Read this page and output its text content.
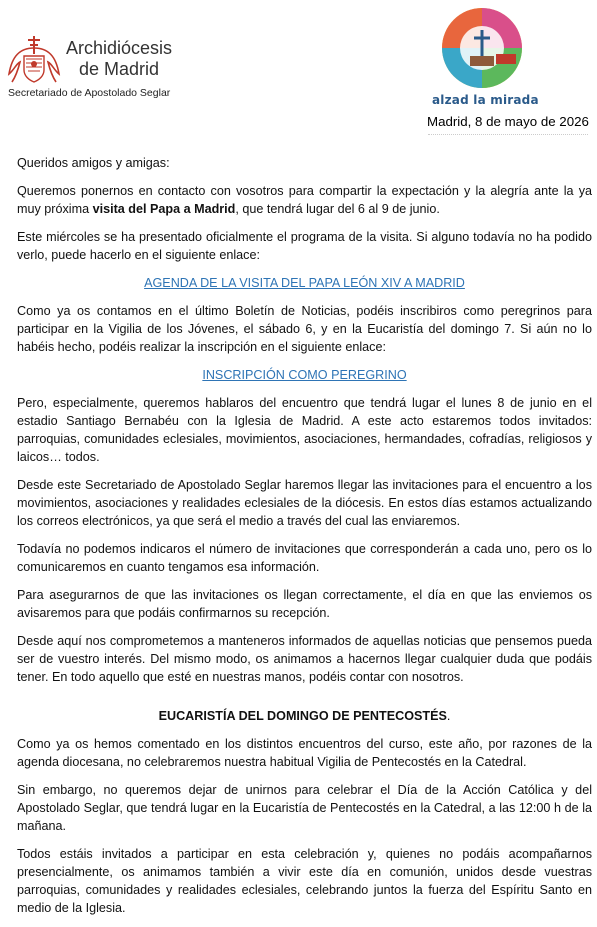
Archidiócesis
de Madrid
Secretariado de Apostolado Seglar	alzad la mirada
Madrid, 8 de mayo de 2026

Queridos amigos y amigas:

Queremos ponernos en contacto con vosotros para compartir la expectación y la alegría ante la ya muy próxima visita del Papa a Madrid, que tendrá lugar del 6 al 9 de junio.

Este miércoles se ha presentado oficialmente el programa de la visita. Si alguno todavía no ha podido verlo, puede hacerlo en el siguiente enlace:

AGENDA DE LA VISITA DEL PAPA LEÓN XIV A MADRID

Como ya os contamos en el último Boletín de Noticias, podéis inscribiros como peregrinos para participar en la Vigilia de los Jóvenes, el sábado 6, y en la Eucaristía del domingo 7. Si aún no lo habéis hecho, podéis realizar la inscripción en el siguiente enlace:

INSCRIPCIÓN COMO PEREGRINO

Pero, especialmente, queremos hablaros del encuentro que tendrá lugar el lunes 8 de junio en el estadio Santiago Bernabéu con la Iglesia de Madrid. A este acto estaremos todos invitados: parroquias, comunidades eclesiales, movimientos, asociaciones, hermandades, cofradías, religiosos y laicos… todos.

Desde este Secretariado de Apostolado Seglar haremos llegar las invitaciones para el encuentro a los movimientos, asociaciones y realidades eclesiales de la diócesis. En estos días estamos actualizando los correos electrónicos, ya que será el medio a través del cual las enviaremos.

Todavía no podemos indicaros el número de invitaciones que corresponderán a cada uno, pero os lo comunicaremos en cuanto tengamos esa información.

Para asegurarnos de que las invitaciones os llegan correctamente, el día en que las enviemos os avisaremos para que podáis confirmarnos su recepción.

Desde aquí nos comprometemos a manteneros informados de aquellas noticias que pensemos pueda ser de vuestro interés. Del mismo modo, os animamos a hacernos llegar cualquier duda que podáis tener. En todo aquello que esté en nuestras manos, podéis contar con nosotros.

EUCARISTÍA DEL DOMINGO DE PENTECOSTÉS.

Como ya os hemos comentado en los distintos encuentros del curso, este año, por razones de la agenda diocesana, no celebraremos nuestra habitual Vigilia de Pentecostés en la Catedral.

Sin embargo, no queremos dejar de unirnos para celebrar el Día de la Acción Católica y del Apostolado Seglar, que tendrá lugar en la Eucaristía de Pentecostés en la Catedral, a las 12:00 h de la mañana.

Todos estáis invitados a participar en esta celebración y, quienes no podáis acompañarnos presencialmente, os animamos también a vivir este día en comunión, unidos desde vuestras parroquias, comunidades y realidades eclesiales, celebrando juntos la fuerza del Espíritu Santo en medio de la Iglesia.
